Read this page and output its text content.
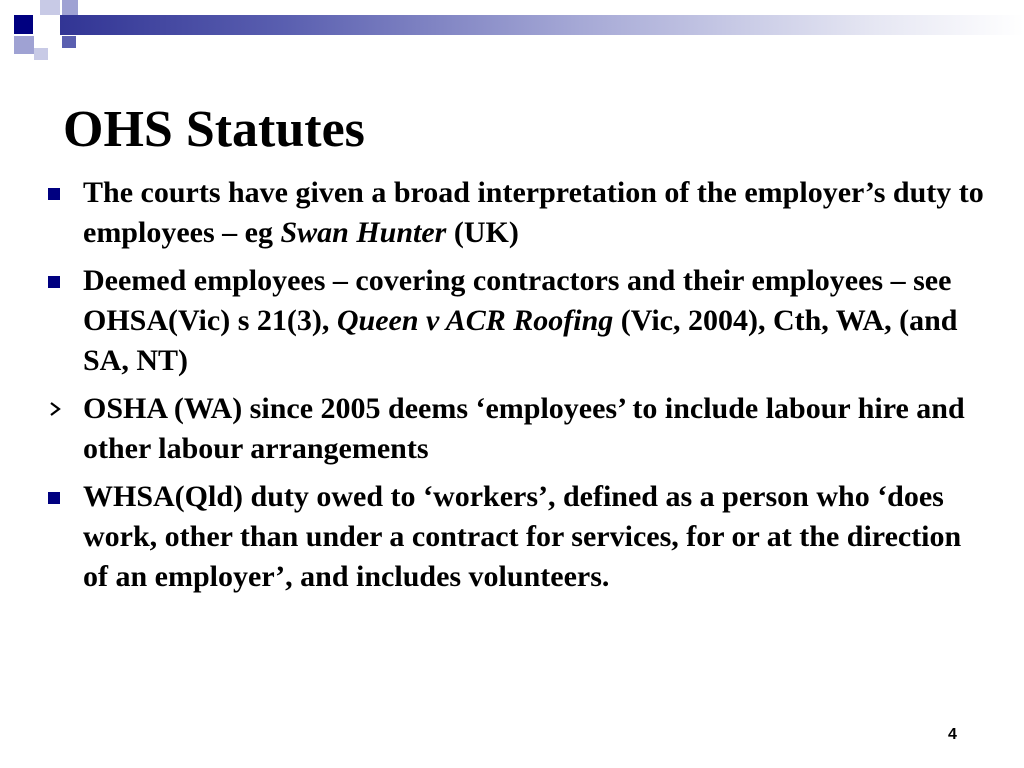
OHS Statutes
The courts have given a broad interpretation of the employer’s duty to employees – eg Swan Hunter (UK)
Deemed employees – covering contractors and their employees – see OHSA(Vic) s 21(3), Queen v ACR Roofing (Vic, 2004), Cth, WA, (and SA, NT)
OSHA (WA) since 2005 deems ‘employees’ to include labour hire and other labour arrangements
WHSA(Qld) duty owed to ‘workers’, defined as a person who ‘does work, other than under a contract for services, for or at the direction of an employer’, and includes volunteers.
4
